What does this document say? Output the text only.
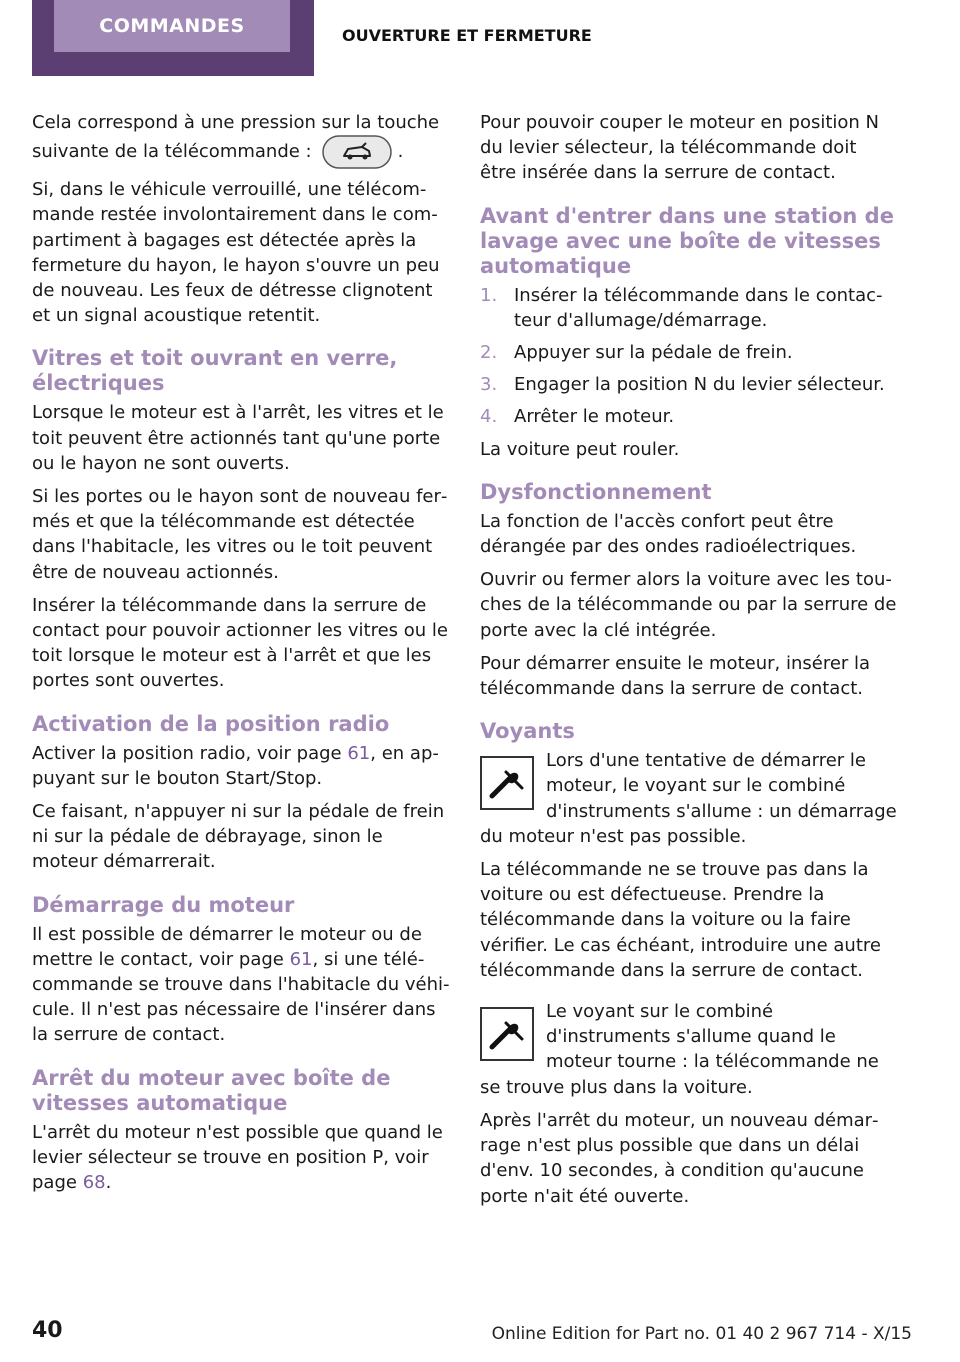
COMMANDES	OUVERTURE ET FERMETURE

Cela correspond à une pression sur la touche suivante de la télécommande :	.

Si, dans le véhicule verrouillé, une télécommande restée involontairement dans le compartiment à bagages est détectée après la fermeture du hayon, le hayon s'ouvre un peu de nouveau. Les feux de détresse clignotent et un signal acoustique retentit.

Vitres et toit ouvrant en verre, électriques

Lorsque le moteur est à l'arrêt, les vitres et le toit peuvent être actionnés tant qu'une porte ou le hayon ne sont ouverts.

Si les portes ou le hayon sont de nouveau fermés et que la télécommande est détectée dans l'habitacle, les vitres ou le toit peuvent être de nouveau actionnés.

Insérer la télécommande dans la serrure de contact pour pouvoir actionner les vitres ou le toit lorsque le moteur est à l'arrêt et que les portes sont ouvertes.

Activation de la position radio

Activer la position radio, voir page 61, en appuyant sur le bouton Start/Stop.

Ce faisant, n'appuyer ni sur la pédale de frein ni sur la pédale de débrayage, sinon le moteur démarrerait.

Démarrage du moteur

Il est possible de démarrer le moteur ou de mettre le contact, voir page 61, si une télécommande se trouve dans l'habitacle du véhicule. Il n'est pas nécessaire de l'insérer dans la serrure de contact.

Arrêt du moteur avec boîte de vitesses automatique

L'arrêt du moteur n'est possible que quand le levier sélecteur se trouve en position P, voir page 68.

Pour pouvoir couper le moteur en position N du levier sélecteur, la télécommande doit être insérée dans la serrure de contact.

Avant d'entrer dans une station de lavage avec une boîte de vitesses automatique
1. Insérer la télécommande dans le contacteur d'allumage/démarrage.
2. Appuyer sur la pédale de frein.
3. Engager la position N du levier sélecteur.
4. Arrêter le moteur.

La voiture peut rouler.

Dysfonctionnement

La fonction de l'accès confort peut être dérangée par des ondes radioélectriques.

Ouvrir ou fermer alors la voiture avec les touches de la télécommande ou par la serrure de porte avec la clé intégrée.

Pour démarrer ensuite le moteur, insérer la télécommande dans la serrure de contact.

Voyants

Lors d'une tentative de démarrer le moteur, le voyant sur le combiné d'instruments s'allume : un démarrage du moteur n'est pas possible.

La télécommande ne se trouve pas dans la voiture ou est défectueuse. Prendre la télécommande dans la voiture ou la faire vérifier. Le cas échéant, introduire une autre télécommande dans la serrure de contact.

Le voyant sur le combiné d'instruments s'allume quand le moteur tourne : la télécommande ne se trouve plus dans la voiture.

Après l'arrêt du moteur, un nouveau démarrage n'est plus possible que dans un délai d'env. 10 secondes, à condition qu'aucune porte n'ait été ouverte.

40	Online Edition for Part no. 01 40 2 967 714 - X/15
